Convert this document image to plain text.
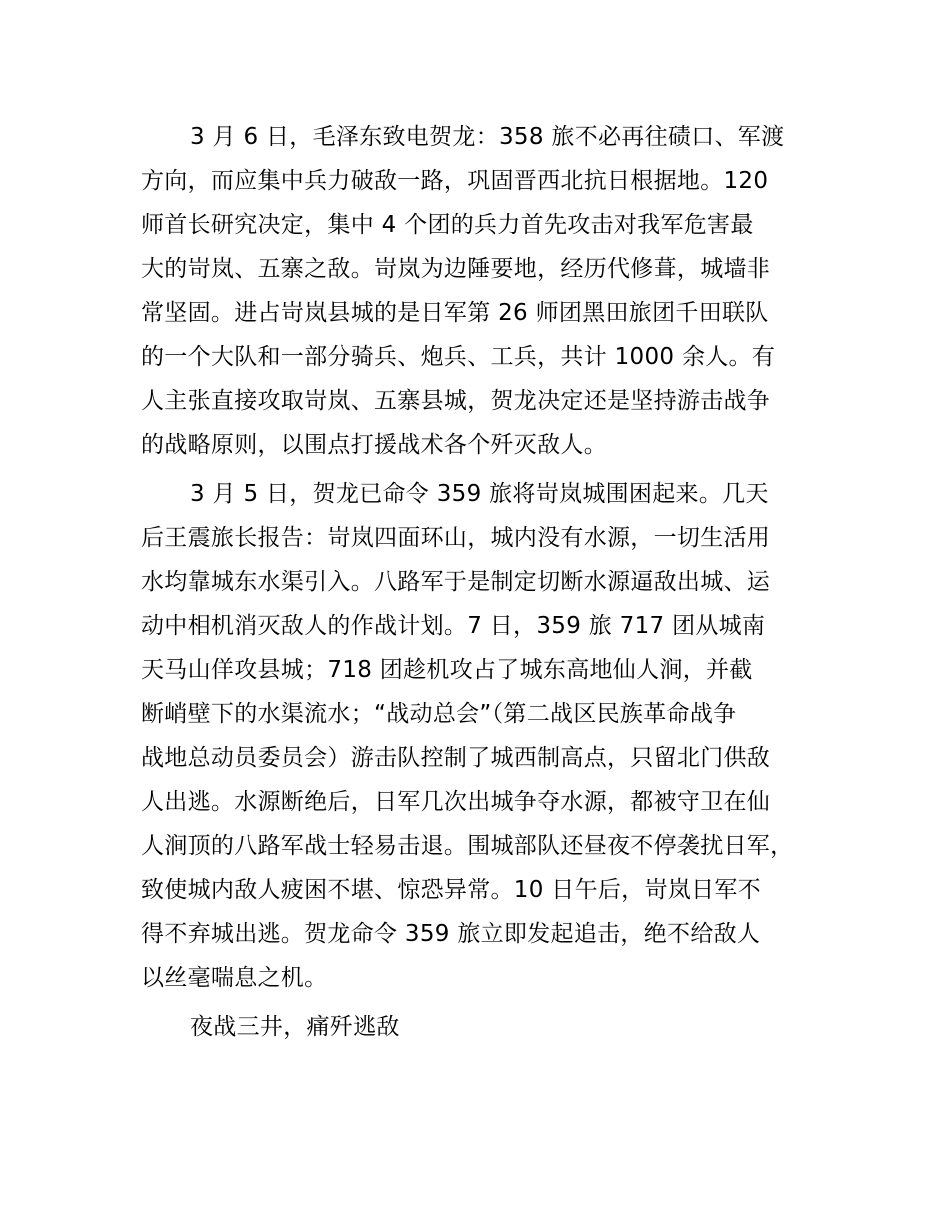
3 月 6 日，毛泽东致电贺龙：358 旅不必再往碛口、军渡
方向，而应集中兵力破敌一路，巩固晋西北抗日根据地。120
师首长研究决定，集中 4 个团的兵力首先攻击对我军危害最
大的岢岚、五寨之敌。岢岚为边陲要地，经历代修葺，城墙非
常坚固。进占岢岚县城的是日军第 26 师团黑田旅团千田联队
的一个大队和一部分骑兵、炮兵、工兵，共计 1000 余人。有
人主张直接攻取岢岚、五寨县城，贺龙决定还是坚持游击战争
的战略原则，以围点打援战术各个歼灭敌人。
3 月 5 日，贺龙已命令 359 旅将岢岚城围困起来。几天
后王震旅长报告：岢岚四面环山，城内没有水源，一切生活用
水均靠城东水渠引入。八路军于是制定切断水源逼敌出城、运
动中相机消灭敌人的作战计划。7 日，359 旅 717 团从城南
天马山佯攻县城；718 团趁机攻占了城东高地仙人涧，并截
断峭壁下的水渠流水；“战动总会”（第二战区民族革命战争
战地总动员委员会）游击队控制了城西制高点，只留北门供敌
人出逃。水源断绝后，日军几次出城争夺水源，都被守卫在仙
人涧顶的八路军战士轻易击退。围城部队还昼夜不停袭扰日军，
致使城内敌人疲困不堪、惊恐异常。10 日午后，岢岚日军不
得不弃城出逃。贺龙命令 359 旅立即发起追击，绝不给敌人
以丝毫喘息之机。
夜战三井，痛歼逃敌
